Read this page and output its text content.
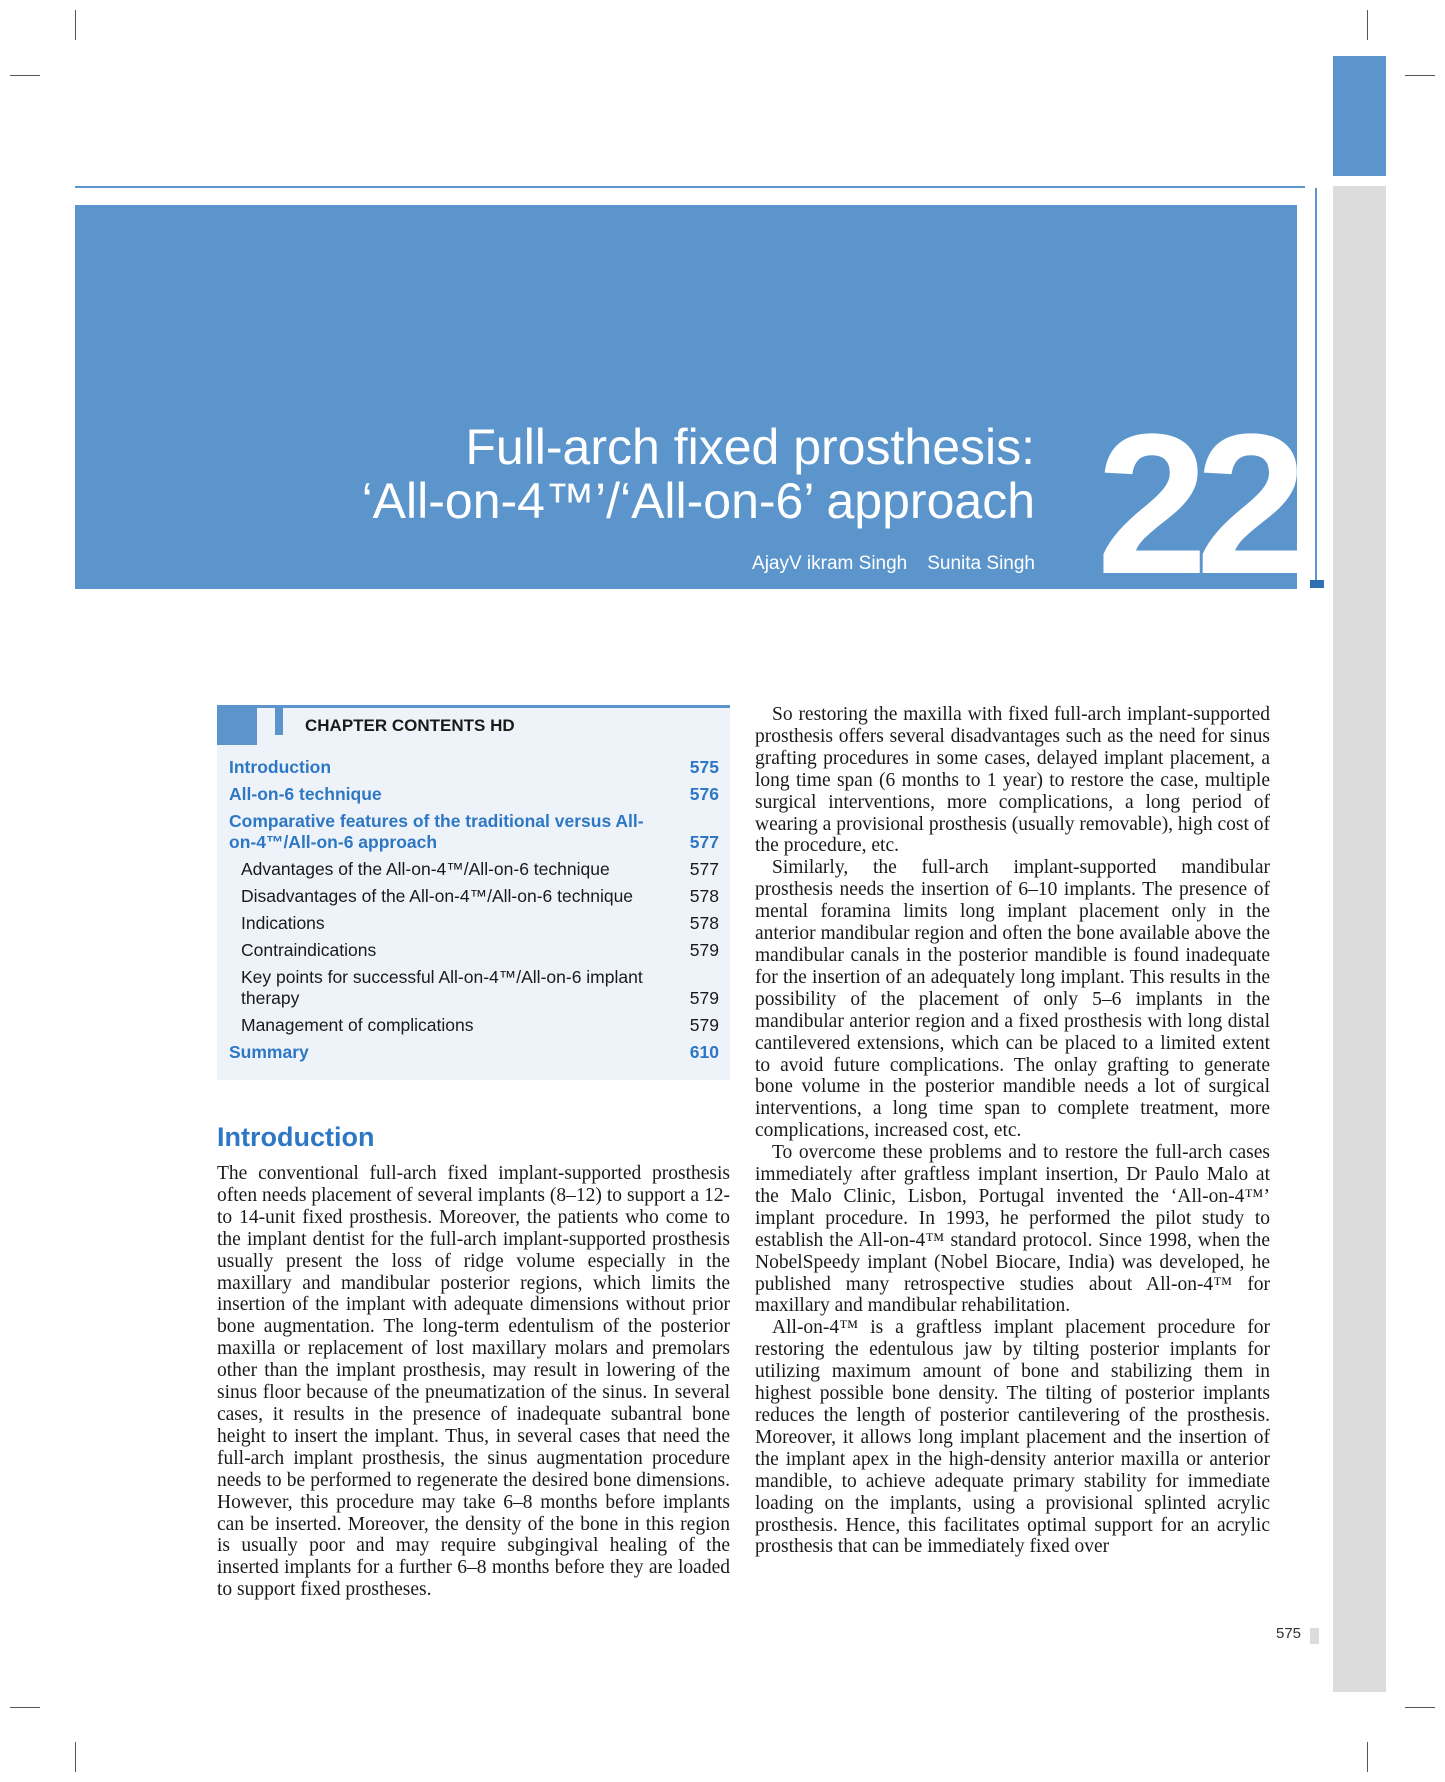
Full-arch fixed prosthesis:
‘All-on-4™’/‘All-on-6’ approach
AjayV ikram Singh Sunita Singh 22
CHAPTER CONTENTS HD
Introduction	575
All-on-6 technique	576
Comparative features of the traditional versus All-on-4™/All-on-6 approach	577
Advantages of the All-on-4™/All-on-6 technique	577
Disadvantages of the All-on-4™/All-on-6 technique	578
Indications	578
Contraindications	579
Key points for successful All-on-4™/All-on-6 implant therapy	579
Management of complications	579
Summary	610
Introduction

The conventional full-arch fixed implant-supported prosthesis often needs placement of several implants (8–12) to support a 12- to 14-unit fixed prosthesis. Moreover, the patients who come to the implant dentist for the full-arch implant-supported prosthesis usually present the loss of ridge volume especially in the maxillary and mandibular posterior regions, which limits the insertion of the implant with adequate dimensions without prior bone augmentation. The long-term edentulism of the posterior maxilla or replacement of lost maxillary molars and premolars other than the implant prosthesis, may result in lowering of the sinus floor because of the pneumatization of the sinus. In several cases, it results in the presence of inadequate subantral bone height to insert the implant. Thus, in several cases that need the full-arch implant prosthesis, the sinus augmentation procedure needs to be performed to regenerate the desired bone dimensions. However, this procedure may take 6–8 months before implants can be inserted. Moreover, the density of the bone in this region is usually poor and may require subgingival healing of the inserted implants for a further 6–8 months before they are loaded to support fixed prostheses.

So restoring the maxilla with fixed full-arch implant-supported prosthesis offers several disadvantages such as the need for sinus grafting procedures in some cases, delayed implant placement, a long time span (6 months to 1 year) to restore the case, multiple surgical interventions, more complications, a long period of wearing a provisional prosthesis (usually removable), high cost of the procedure, etc.

Similarly, the full-arch implant-supported mandibular prosthesis needs the insertion of 6–10 implants. The presence of mental foramina limits long implant placement only in the anterior mandibular region and often the bone available above the mandibular canals in the posterior mandible is found inadequate for the insertion of an adequately long implant. This results in the possibility of the placement of only 5–6 implants in the mandibular anterior region and a fixed prosthesis with long distal cantilevered extensions, which can be placed to a limited extent to avoid future complications. The onlay grafting to generate bone volume in the posterior mandible needs a lot of surgical interventions, a long time span to complete treatment, more complications, increased cost, etc.

To overcome these problems and to restore the full-arch cases immediately after graftless implant insertion, Dr Paulo Malo at the Malo Clinic, Lisbon, Portugal invented the ‘All-on-4™’ implant procedure. In 1993, he performed the pilot study to establish the All-on-4™ standard protocol. Since 1998, when the NobelSpeedy implant (Nobel Biocare, India) was developed, he published many retrospective studies about All-on-4™ for maxillary and mandibular rehabilitation.

All-on-4™ is a graftless implant placement procedure for restoring the edentulous jaw by tilting posterior implants for utilizing maximum amount of bone and stabilizing them in highest possible bone density. The tilting of posterior implants reduces the length of posterior cantilevering of the prosthesis. Moreover, it allows long implant placement and the insertion of the implant apex in the high-density anterior maxilla or anterior mandible, to achieve adequate primary stability for immediate loading on the implants, using a provisional splinted acrylic prosthesis. Hence, this facilitates optimal support for an acrylic prosthesis that can be immediately fixed over

575
